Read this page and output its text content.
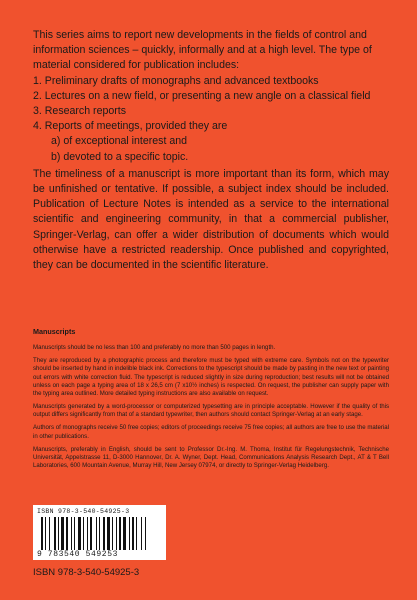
This series aims to report new developments in the fields of control and information sciences – quickly, informally and at a high level. The type of material considered for publication includes:

1. Preliminary drafts of monographs and advanced textbooks
2. Lectures on a new field, or presenting a new angle on a classical field
3. Research reports
4. Reports of meetings, provided they are
a) of exceptional interest and
b) devoted to a specific topic.

The timeliness of a manuscript is more important than its form, which may be unfinished or tentative. If possible, a subject index should be included. Publication of Lecture Notes is intended as a service to the international scientific and engineering community, in that a commercial publisher, Springer-Verlag, can offer a wider distribution of documents which would otherwise have a restricted readership. Once published and copyrighted, they can be documented in the scientific literature.

Manuscripts

Manuscripts should be no less than 100 and preferably no more than 500 pages in length.

They are reproduced by a photographic process and therefore must be typed with extreme care. Symbols not on the typewriter should be inserted by hand in indelible black ink. Corrections to the typescript should be made by pasting in the new text or painting out errors with white correction fluid. The typescript is reduced slightly in size during reproduction; best results will not be obtained unless on each page a typing area of 18 x 26,5 cm (7 x10½ inches) is respected. On request, the publisher can supply paper with the typing area outlined. More detailed typing instructions are also available on request.

Manuscripts generated by a word-processor or computerized typesetting are in principle acceptable. However if the quality of this output differs significantly from that of a standard typewriter, then authors should contact Springer-Verlag at an early stage.

Authors of monographs receive 50 free copies; editors of proceedings receive 75 free copies; all authors are free to use the material in other publications.

Manuscripts, preferably in English, should be sent to Professor Dr.-Ing. M. Thoma, Institut für Regelungstechnik, Technische Universität, Appelstrasse 11, D-3000 Hannover, Dr. A. Wyner, Dept. Head, Communications Analysis Research Dept., AT & T Bell Laboratories, 600 Mountain Avenue, Murray Hill, New Jersey 07974, or directly to Springer-Verlag Heidelberg.

ISBN 978-3-540-54925-3
9 783540 549253
ISBN 978-3-540-54925-3
